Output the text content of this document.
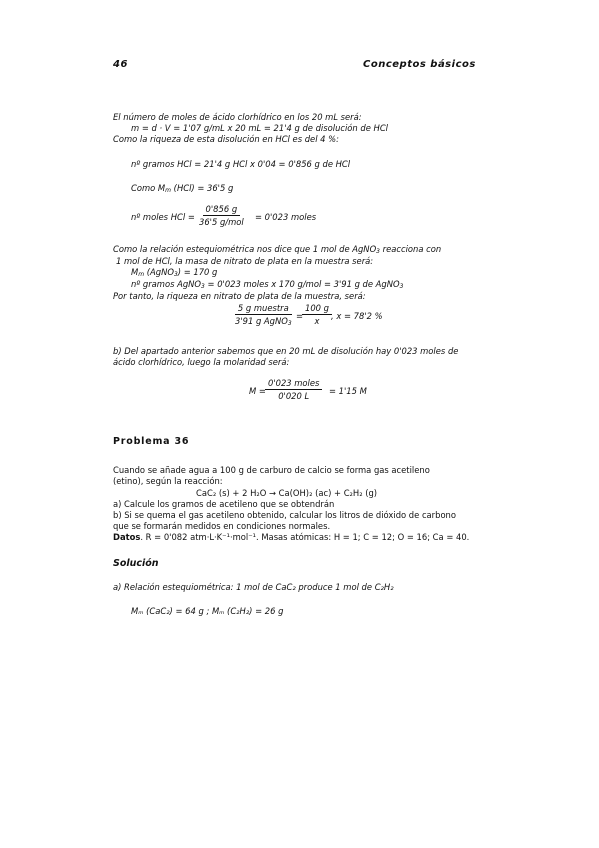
46	Conceptos básicos
El número de moles de ácido clorhídrico en los 20 mL será:
m = d · V = 1'07 g/mL x 20 mL = 21'4 g de disolución de HCl
Como la riqueza de esta disolución en HCl es del 4 %:
nº gramos HCl = 21'4 g HCl x 0'04 = 0'856 g de HCl
Como $M_m$ (HCl) = 36'5 g
nº moles HCl =
0'856 g
36'5 g/mol	= 0'023 moles
Como la relación estequiométrica nos dice que 1 mol de AgNO$_3$ reacciona con
1 mol de HCl, la masa de nitrato de plata en la muestra será:
$M_m$ (AgNO$_3$) = 170 g
nº gramos AgNO$_3$ = 0'023 moles x 170 g/mol = 3'91 g de AgNO$_3$
Por tanto, la riqueza en nitrato de plata de la muestra, será:
5 g muestra
3'91 g AgNO$_3$
=
$\frac{100 g}{x}$ , x = 78'2 %
b) Del apartado anterior sabemos que en 20 mL de disolución hay 0'023 moles de
ácido clorhídrico, luego la molaridad será:
M =
0'023 moles
0'020 L	= 1'15 M
Problema 36
Cuando se añade agua a 100 g de carburo de calcio se forma gas acetileno
(etino), según la reacción:
CaC₂ (s) + 2 H₂O → Ca(OH)₂ (ac) + C₂H₂ (g)
a) Calcule los gramos de acetileno que se obtendrán
b) Si se quema el gas acetileno obtenido, calcular los litros de dióxido de carbono
que se formarán medidos en condiciones normales.
Datos. R = 0'082 atm·L·K⁻¹·mol⁻¹. Masas atómicas: H = 1; C = 12; O = 16; Ca = 40.
Solución
a) Relación estequiométrica: 1 mol de CaC₂ produce 1 mol de C₂H₂
Mₘ (CaC₂) = 64 g ; Mₘ (C₂H₂) = 26 g
